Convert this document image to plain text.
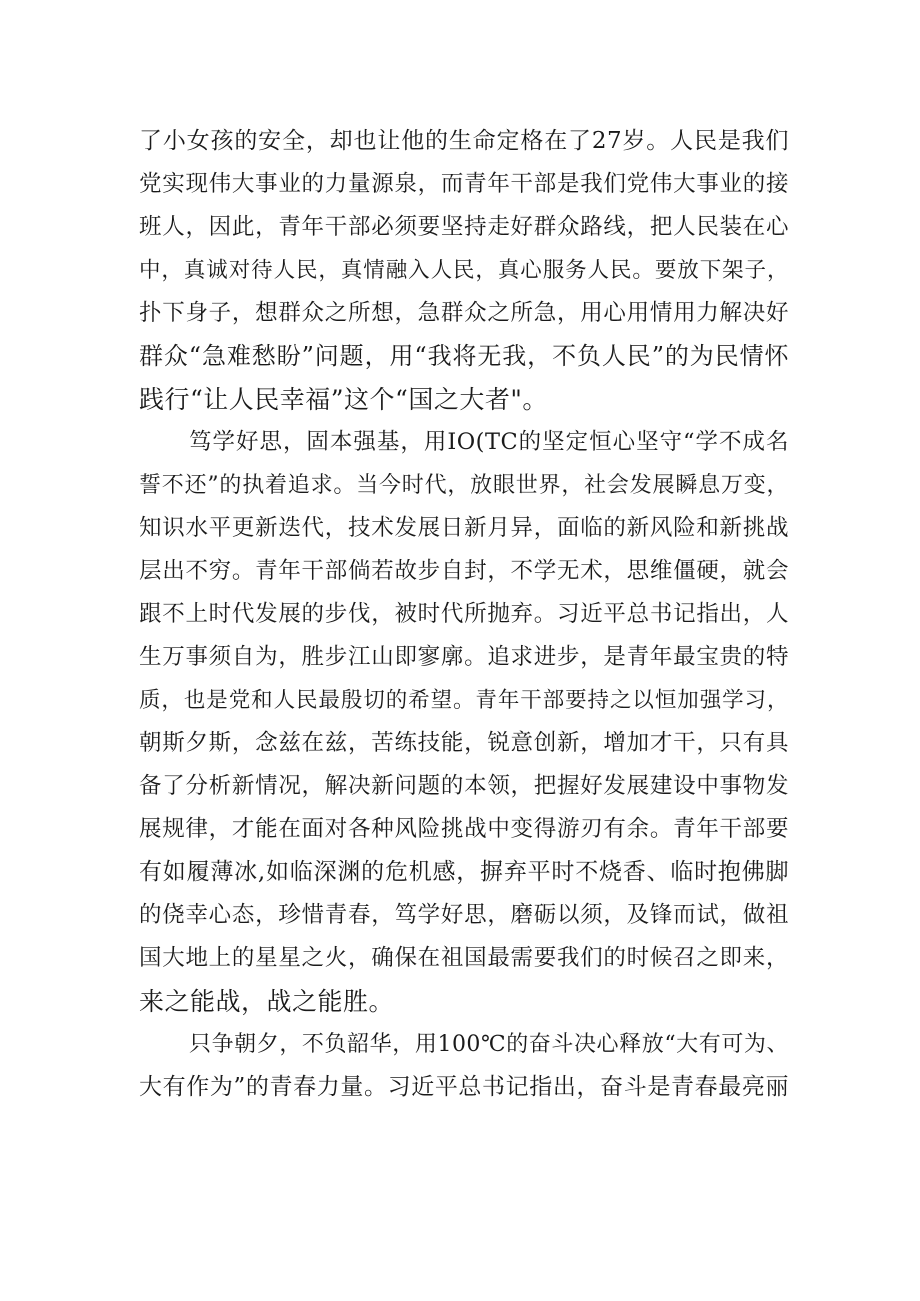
了小女孩的安全，却也让他的生命定格在了27岁。人民是我们
党实现伟大事业的力量源泉，而青年干部是我们党伟大事业的接
班人，因此，青年干部必须要坚持走好群众路线，把人民装在心
中，真诚对待人民，真情融入人民，真心服务人民。要放下架子，
扑下身子，想群众之所想，急群众之所急，用心用情用力解决好
群众“急难愁盼”问题，用“我将无我，不负人民”的为民情怀
践行“让人民幸福”这个“国之大者"。
笃学好思，固本强基，用IO(TC的坚定恒心坚守“学不成名
誓不还”的执着追求。当今时代，放眼世界，社会发展瞬息万变，
知识水平更新迭代，技术发展日新月异，面临的新风险和新挑战
层出不穷。青年干部倘若故步自封，不学无术，思维僵硬，就会
跟不上时代发展的步伐，被时代所抛弃。习近平总书记指出，人
生万事须自为，胜步江山即寥廓。追求进步，是青年最宝贵的特
质，也是党和人民最殷切的希望。青年干部要持之以恒加强学习，
朝斯夕斯，念兹在兹，苦练技能，锐意创新，增加才干，只有具
备了分析新情况，解决新问题的本领，把握好发展建设中事物发
展规律，才能在面对各种风险挑战中变得游刃有余。青年干部要
有如履薄冰,如临深渊的危机感，摒弃平时不烧香、临时抱佛脚
的侥幸心态，珍惜青春，笃学好思，磨砺以须，及锋而试，做祖
国大地上的星星之火，确保在祖国最需要我们的时候召之即来，
来之能战，战之能胜。
只争朝夕，不负韶华，用100℃的奋斗决心释放“大有可为、
大有作为”的青春力量。习近平总书记指出，奋斗是青春最亮丽
